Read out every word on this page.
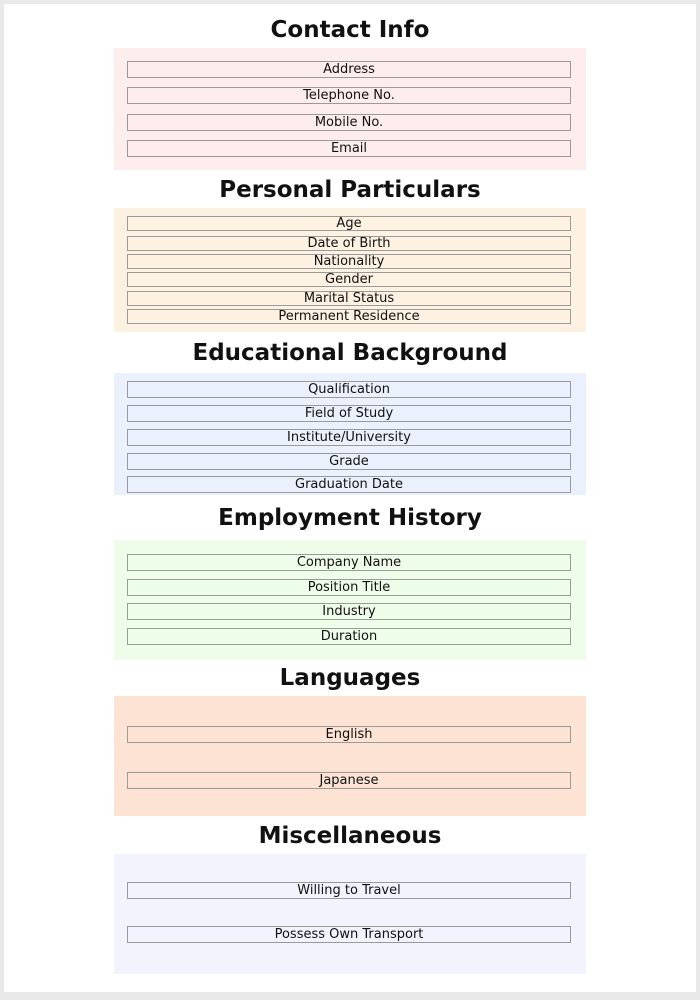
Contact Info
Address
Telephone No.
Mobile No.
Email
Personal Particulars
Age
Date of Birth
Nationality
Gender
Marital Status
Permanent Residence
Educational Background
Qualification
Field of Study
Institute/University
Grade
Graduation Date
Employment History
Company Name
Position Title
Industry
Duration
Languages
English
Japanese
Miscellaneous
Willing to Travel
Possess Own Transport
